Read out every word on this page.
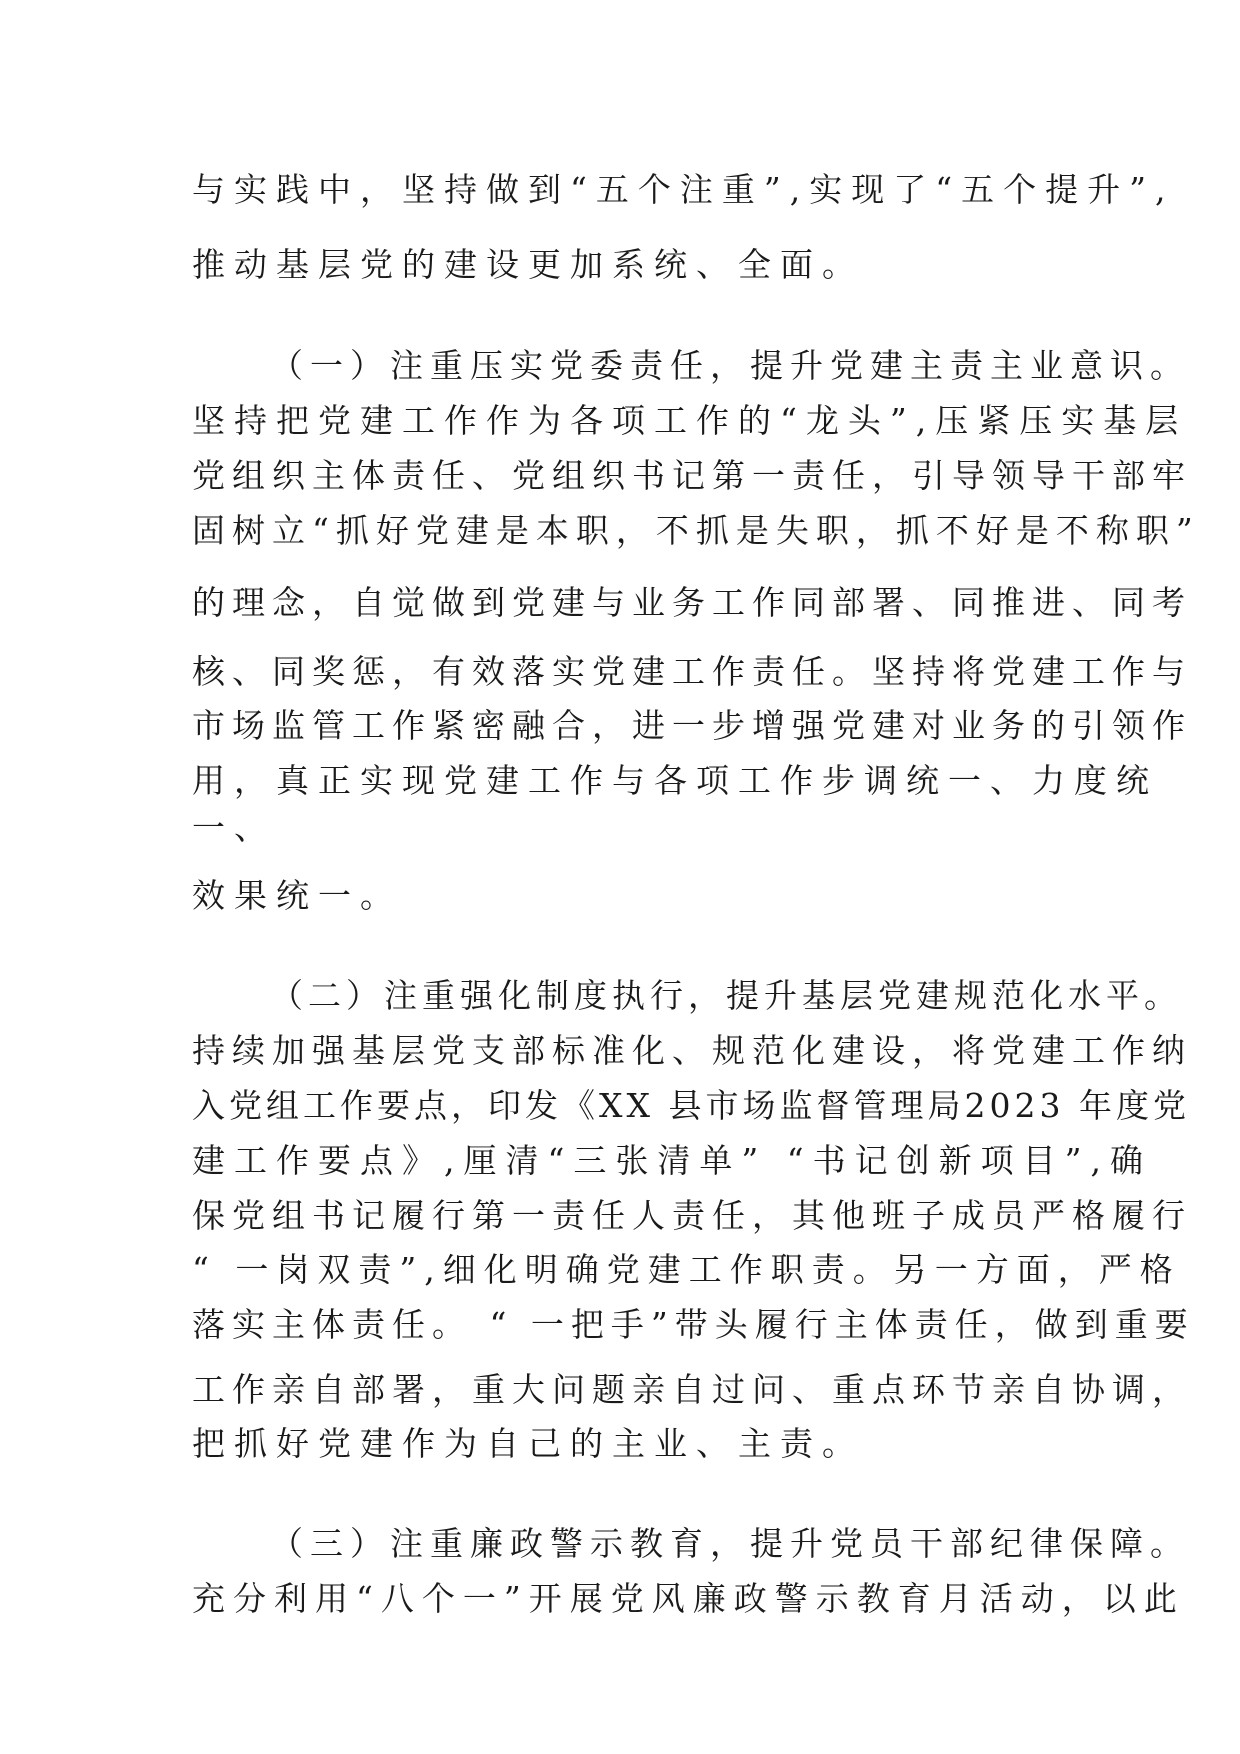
与实践中，坚持做到“五个注重”,实现了“五个提升”,
推动基层党的建设更加系统、全面。
（一）注重压实党委责任，提升党建主责主业意识。
坚持把党建工作作为各项工作的“龙头”,压紧压实基层
党组织主体责任、党组织书记第一责任，引导领导干部牢
固树立“抓好党建是本职，不抓是失职，抓不好是不称职”
的理念，自觉做到党建与业务工作同部署、同推进、同考
核、同奖惩，有效落实党建工作责任。坚持将党建工作与
市场监管工作紧密融合，进一步增强党建对业务的引领作
用，真正实现党建工作与各项工作步调统一、力度统
一、
效果统一。
（二）注重强化制度执行，提升基层党建规范化水平。
持续加强基层党支部标准化、规范化建设，将党建工作纳
入党组工作要点，印发《XX 县市场监督管理局2023 年度党
建工作要点》,厘清“三张清单” “书记创新项目”,确
保党组书记履行第一责任人责任，其他班子成员严格履行
“ 一岗双责”,细化明确党建工作职责。另一方面，严格
落实主体责任。 “ 一把手”带头履行主体责任，做到重要
工作亲自部署，重大问题亲自过问、重点环节亲自协调，
把抓好党建作为自己的主业、主责。
（三）注重廉政警示教育，提升党员干部纪律保障。
充分利用“八个一”开展党风廉政警示教育月活动，以此
